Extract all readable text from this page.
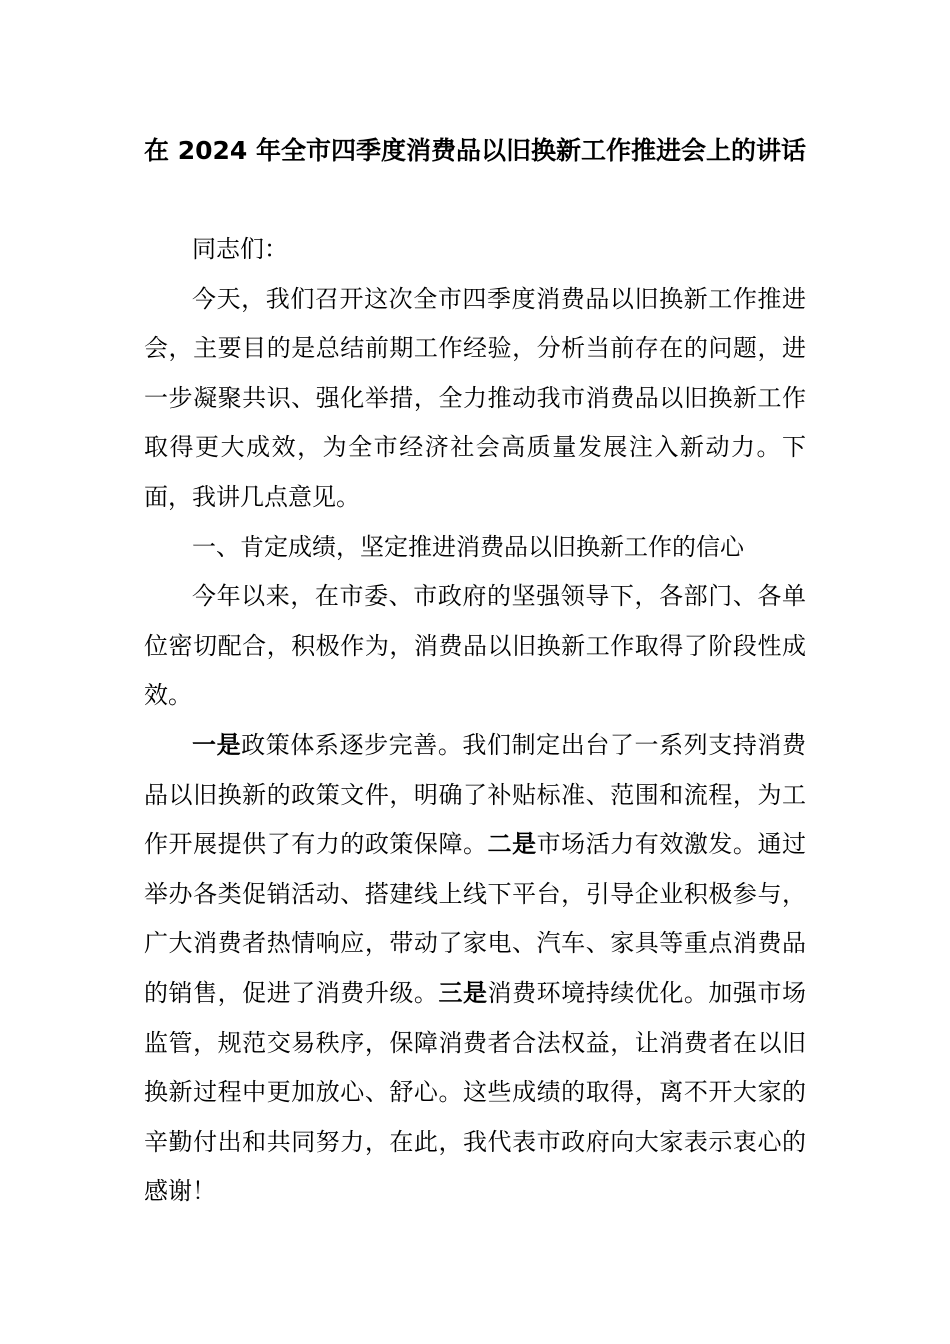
在 2024 年全市四季度消费品以旧换新工作推进会上的讲话

同志们：

今天，我们召开这次全市四季度消费品以旧换新工作推进会，主要目的是总结前期工作经验，分析当前存在的问题，进一步凝聚共识、强化举措，全力推动我市消费品以旧换新工作取得更大成效，为全市经济社会高质量发展注入新动力。下面，我讲几点意见。

一、肯定成绩，坚定推进消费品以旧换新工作的信心

今年以来，在市委、市政府的坚强领导下，各部门、各单位密切配合，积极作为，消费品以旧换新工作取得了阶段性成效。

一是政策体系逐步完善。我们制定出台了一系列支持消费品以旧换新的政策文件，明确了补贴标准、范围和流程，为工作开展提供了有力的政策保障。二是市场活力有效激发。通过举办各类促销活动、搭建线上线下平台，引导企业积极参与，广大消费者热情响应，带动了家电、汽车、家具等重点消费品的销售，促进了消费升级。三是消费环境持续优化。加强市场监管，规范交易秩序，保障消费者合法权益，让消费者在以旧换新过程中更加放心、舒心。这些成绩的取得，离不开大家的辛勤付出和共同努力，在此，我代表市政府向大家表示衷心的感谢！
